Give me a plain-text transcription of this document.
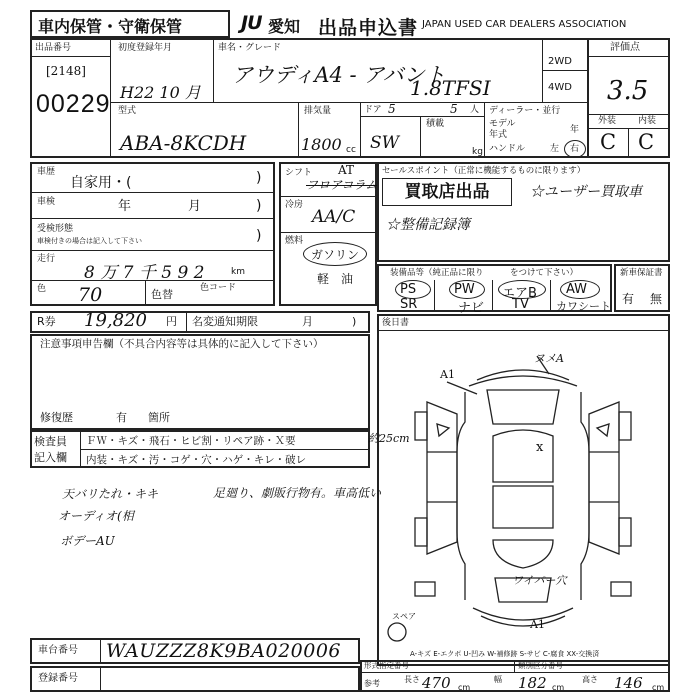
車内保管・守衛保管	JU 愛知 出品申込書 JAPAN USED CAR DEALERS ASSOCIATION
出品番号
[2148]
00229
初度登録年月
H22 10 月
車名・グレード
アウディA4 - アバント
1.8TFSI
2WD
4WD
評価点
3.5
型式
ABA-8KCDH
排気量
1800 cc
ドア 5	5 人
SW
積載
kg
ディーラー・並行
モデル
年式	年
ハンドル	左 右
外装 内装
C C
車歴
自家用・(	)
車検	年	月	)
受検形態
車検付きの場合は記入して下さい	)
走行
8 万 7 千 5 9 2	km
色 70	色替	色コード
シフト AT
フロアコラム
冷房
AA/C
燃料
ガソリン
軽　油
セールスポイント（正常に機能するものに限ります）
買取店出品	☆ユーザー買取車
☆整備記録簿
装備品等（純正品に限り	をつけて下さい）
PS	PW エアB AW
SR	ナビ TV カワシート
新車保証書
有 無
R券 19,820 円 名変通知期限	月	)
注意事項申告欄（不具合内容等は具体的に記入して下さい）
修復歴	有 箇所
検査員
記入欄
ＦＷ・キズ・飛石・ヒビ割・リペア跡・Ｘ要	約25cm
内装・キズ・汚・コゲ・穴・ハゲ・キレ・破レ
天バリたれ・キキ	足廻り、劇販行物有。車高低い
オーディオ(相
ボデーAU
後日書
ヌメA
A1
x
ワイパー穴
スペア
A1
A-キズ E-エクボ U-凹み W-補修跡 S-サビ C-腐食 XX-交換済
車台番号 WAUZZZ8K9BA020006
登録番号
形式指定番号	類別区分番号
参考	長さ 470 cm
幅 182 cm
高さ 146 cm
